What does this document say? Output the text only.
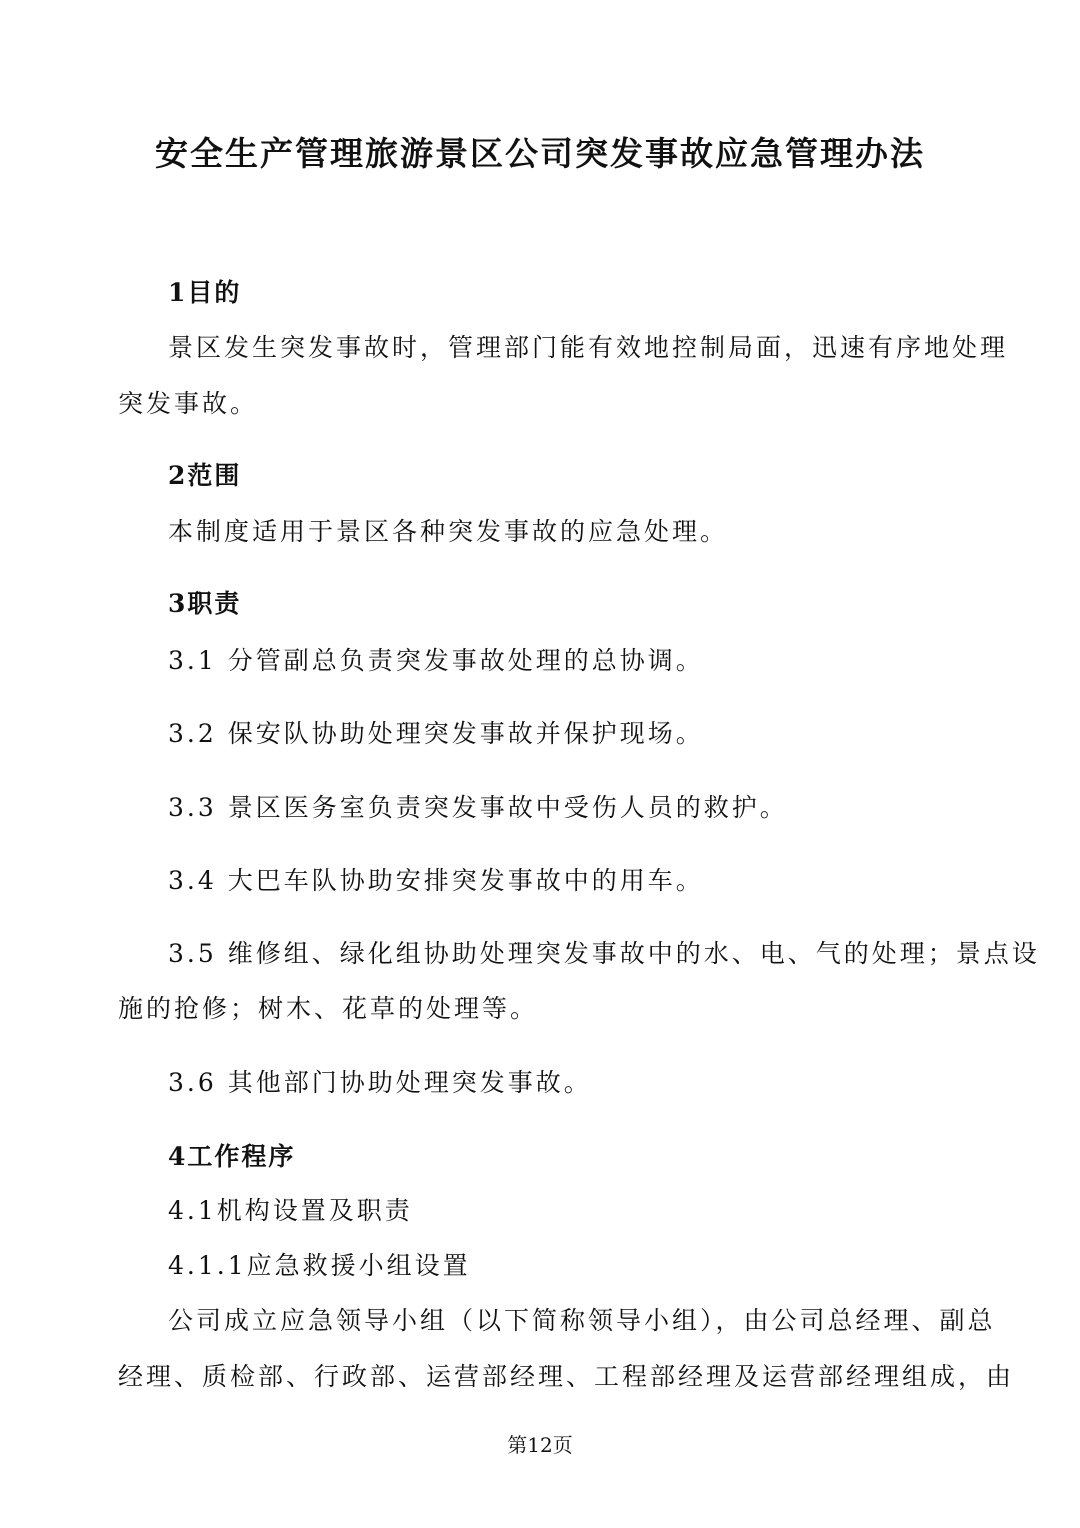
安全生产管理旅游景区公司突发事故应急管理办法

1目的

景区发生突发事故时，管理部门能有效地控制局面，迅速有序地处理

突发事故。

2范围

本制度适用于景区各种突发事故的应急处理。

3职责

3.1 分管副总负责突发事故处理的总协调。

3.2 保安队协助处理突发事故并保护现场。

3.3 景区医务室负责突发事故中受伤人员的救护。

3.4 大巴车队协助安排突发事故中的用车。

3.5 维修组、绿化组协助处理突发事故中的水、电、气的处理；景点设

施的抢修；树木、花草的处理等。

3.6 其他部门协助处理突发事故。

4工作程序

4.1机构设置及职责

4.1.1应急救援小组设置

公司成立应急领导小组（以下简称领导小组），由公司总经理、副总

经理、质检部、行政部、运营部经理、工程部经理及运营部经理组成，由

第12页
